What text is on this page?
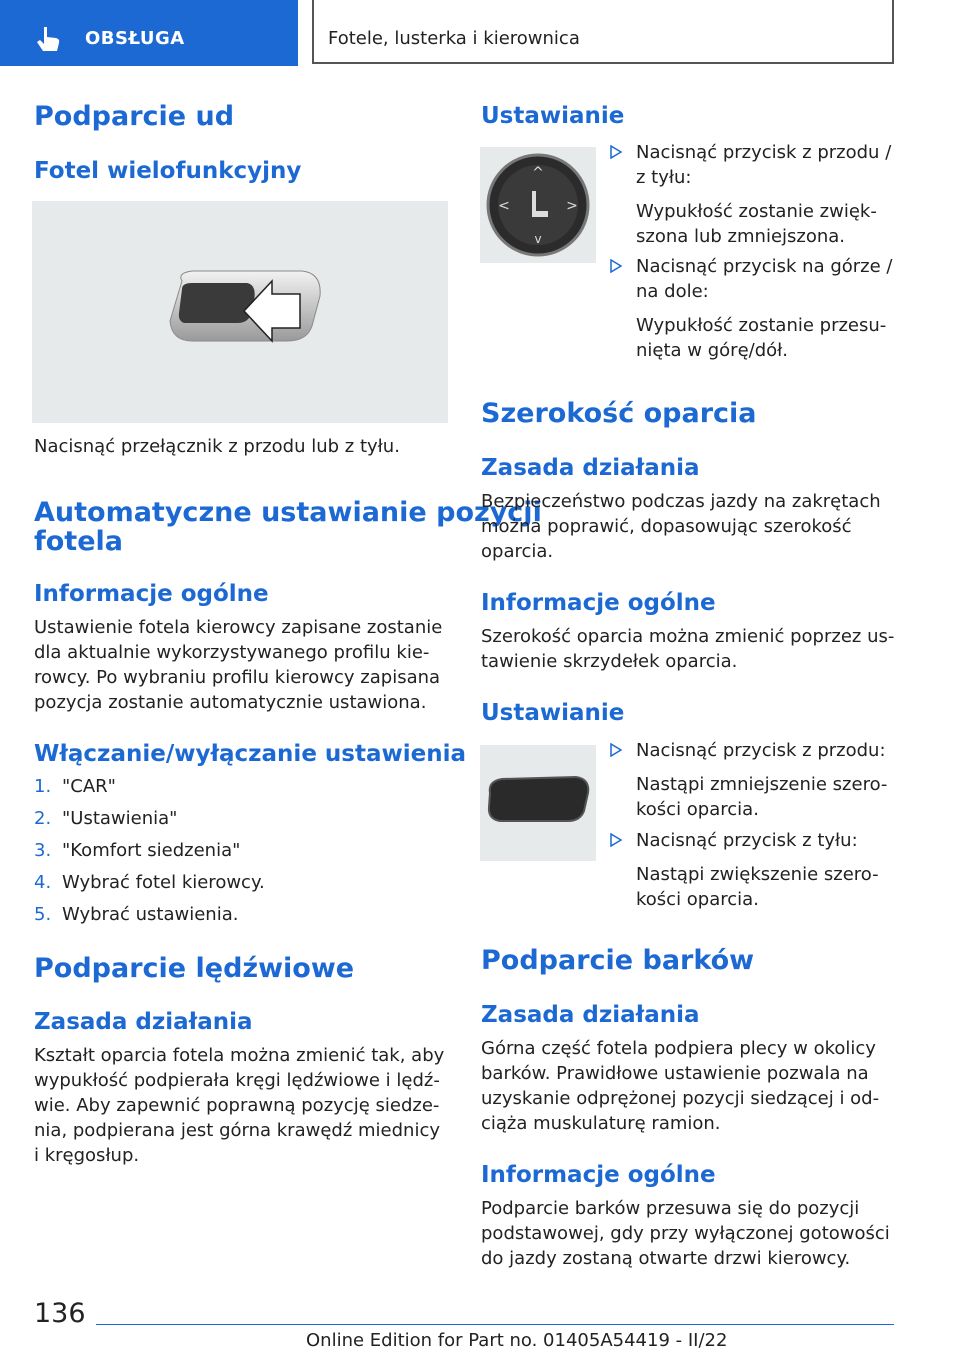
OBSŁUGA	Fotele, lusterka i kierownica
Podparcie ud
Fotel wielofunkcyjny

Nacisnąć przełącznik z przodu lub z tyłu.

Automatyczne ustawianie pozycji
fotela
Informacje ogólne

Ustawienie fotela kierowcy zapisane zostanie

dla aktualnie wykorzystywanego profilu kie-

rowcy. Po wybraniu profilu kierowcy zapisana

pozycja zostanie automatycznie ustawiona.

Włączanie/wyłączanie ustawienia
1. "CAR"
2. "Ustawienia"
3. "Komfort siedzenia"
4. Wybrać fotel kierowcy.
5. Wybrać ustawienia.
Podparcie lędźwiowe
Zasada działania

Kształt oparcia fotela można zmienić tak, aby

wypukłość podpierała kręgi lędźwiowe i lędź-

wie. Aby zapewnić poprawną pozycję siedze-

nia, podpierana jest górna krawędź miednicy

i kręgosłup.

Ustawianie
^
v
<	>
Nacisnąć przycisk z przodu /
z tyłu:
Wypukłość zostanie zwięk-
szona lub zmniejszona.
Nacisnąć przycisk na górze /
na dole:
Wypukłość zostanie przesu-
nięta w górę/dół.
Szerokość oparcia
Zasada działania

Bezpieczeństwo podczas jazdy na zakrętach

można poprawić, dopasowując szerokość

oparcia.

Informacje ogólne

Szerokość oparcia można zmienić poprzez us-

tawienie skrzydełek oparcia.

Ustawianie
Nacisnąć przycisk z przodu:
Nastąpi zmniejszenie szero-
kości oparcia.
Nacisnąć przycisk z tyłu:
Nastąpi zwiększenie szero-
kości oparcia.
Podparcie barków
Zasada działania

Górna część fotela podpiera plecy w okolicy

barków. Prawidłowe ustawienie pozwala na

uzyskanie odprężonej pozycji siedzącej i od-

ciąża muskulaturę ramion.

Informacje ogólne

Podparcie barków przesuwa się do pozycji

podstawowej, gdy przy wyłączonej gotowości

do jazdy zostaną otwarte drzwi kierowcy.

136
Online Edition for Part no. 01405A54419 - II/22
